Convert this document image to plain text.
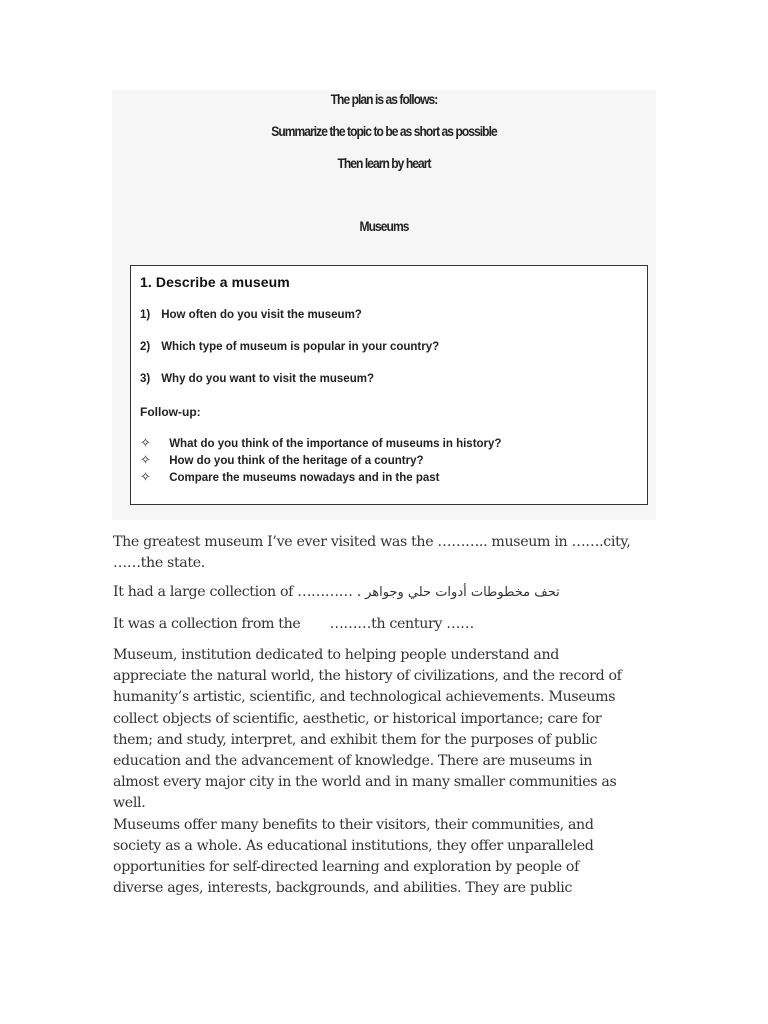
The plan is as follows:
Summarize the topic to be as short as possible
Then learn by heart
Museums
1. Describe a museum
1) How often do you visit the museum?
2) Which type of museum is popular in your country?
3) Why do you want to visit the museum?
Follow-up:
✧ What do you think of the importance of museums in history?
✧ How do you think of the heritage of a country?
✧ Compare the museums nowadays and in the past
The greatest museum I’ve ever visited was the ……….. museum in …….city,
……the state.
It had a large collection of ………… . تحف مخطوطات أدوات حلي وجواهر
It was a collection from the       ………th century ……
Museum, institution dedicated to helping people understand and
appreciate the natural world, the history of civilizations, and the record of
humanity’s artistic, scientific, and technological achievements. Museums
collect objects of scientific, aesthetic, or historical importance; care for
them; and study, interpret, and exhibit them for the purposes of public
education and the advancement of knowledge. There are museums in
almost every major city in the world and in many smaller communities as
well.
Museums offer many benefits to their visitors, their communities, and
society as a whole. As educational institutions, they offer unparalleled
opportunities for self-directed learning and exploration by people of
diverse ages, interests, backgrounds, and abilities. They are public
